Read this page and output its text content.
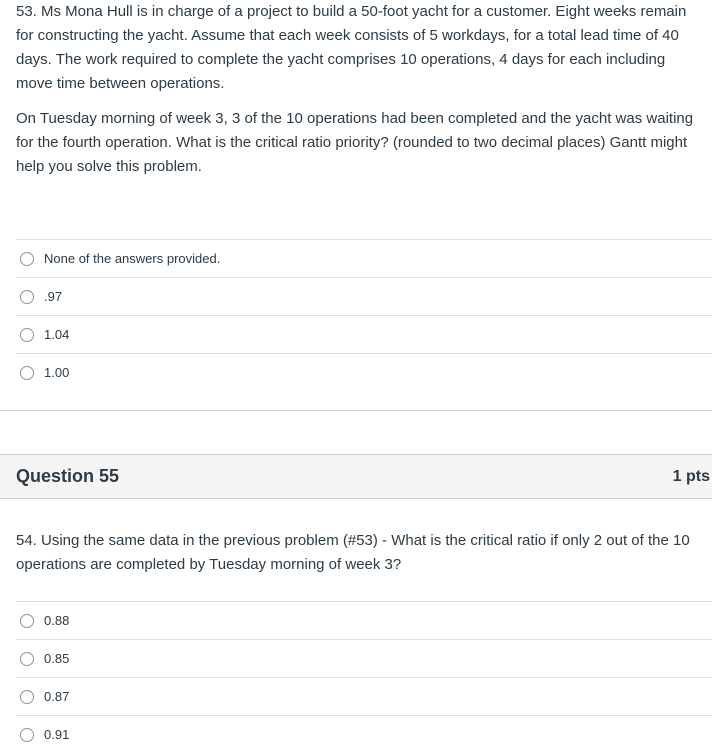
53. Ms Mona Hull is in charge of a project to build a 50-foot yacht for a customer. Eight weeks remain for constructing the yacht. Assume that each week consists of 5 workdays, for a total lead time of 40 days. The work required to complete the yacht comprises 10 operations, 4 days for each including move time between operations.

On Tuesday morning of week 3, 3 of the 10 operations had been completed and the yacht was waiting for the fourth operation. What is the critical ratio priority? (rounded to two decimal places) Gantt might help you solve this problem.

None of the answers provided.
.97
1.04
1.00
Question 55	1 pts

54. Using the same data in the previous problem (#53) - What is the critical ratio if only 2 out of the 10 operations are completed by Tuesday morning of week 3?

0.88
0.85
0.87
0.91
